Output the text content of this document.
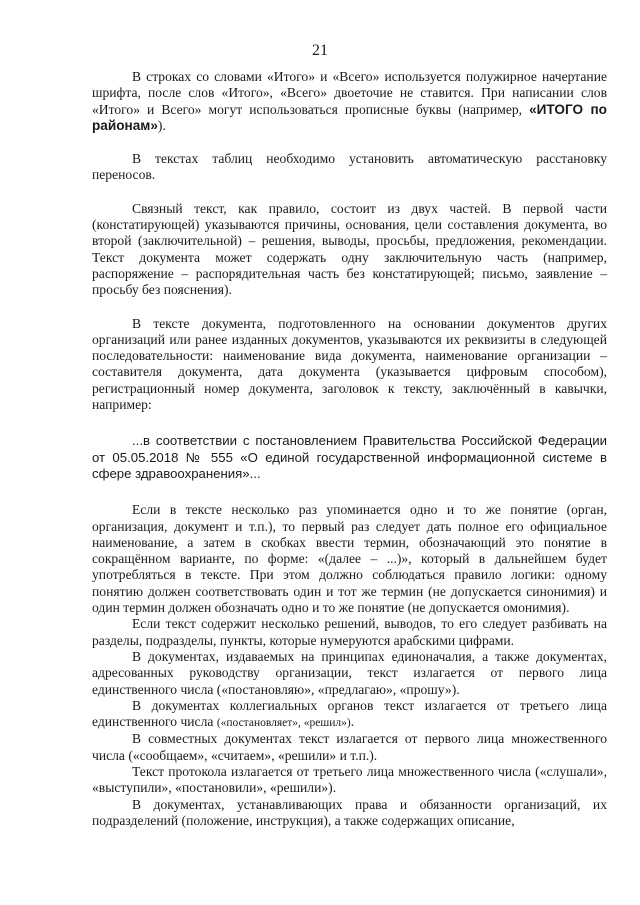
21

В строках со словами «Итого» и «Всего» используется полужирное начертание шрифта, после слов «Итого», «Всего» двоеточие не ставится. При написании слов «Итого» и Всего» могут использоваться прописные буквы (например, «ИТОГО по районам»).

В текстах таблиц необходимо установить автоматическую расстановку переносов.

Связный текст, как правило, состоит из двух частей. В первой части (констатирующей) указываются причины, основания, цели составления документа, во второй (заключительной) – решения, выводы, просьбы, предложения, рекомендации. Текст документа может содержать одну заключительную часть (например, распоряжение – распорядительная часть без констатирующей; письмо, заявление – просьбу без пояснения).

В тексте документа, подготовленного на основании документов других организаций или ранее изданных документов, указываются их реквизиты в следующей последовательности: наименование вида документа, наименование организации – составителя документа, дата документа (указывается цифровым способом), регистрационный номер документа, заголовок к тексту, заключённый в кавычки, например:

...в соответствии с постановлением Правительства Российской Федерации от 05.05.2018 № 555 «О единой государственной информационной системе в сфере здравоохранения»...

Если в тексте несколько раз упоминается одно и то же понятие (орган, организация, документ и т.п.), то первый раз следует дать полное его официальное наименование, а затем в скобках ввести термин, обозначающий это понятие в сокращённом варианте, по форме: «(далее – ...)», который в дальнейшем будет употребляться в тексте. При этом должно соблюдаться правило логики: одному понятию должен соответствовать один и тот же термин (не допускается синонимия) и один термин должен обозначать одно и то же понятие (не допускается омонимия).

Если текст содержит несколько решений, выводов, то его следует разбивать на разделы, подразделы, пункты, которые нумеруются арабскими цифрами.

В документах, издаваемых на принципах единоначалия, а также документах, адресованных руководству организации, текст излагается от первого лица единственного числа («постановляю», «предлагаю», «прошу»).

В документах коллегиальных органов текст излагается от третьего лица единственного числа («постановляет», «решил»).

В совместных документах текст излагается от первого лица множественного числа («сообщаем», «считаем», «решили» и т.п.).

Текст протокола излагается от третьего лица множественного числа («слушали», «выступили», «постановили», «решили»).

В документах, устанавливающих права и обязанности организаций, их подразделений (положение, инструкция), а также содержащих описание,
